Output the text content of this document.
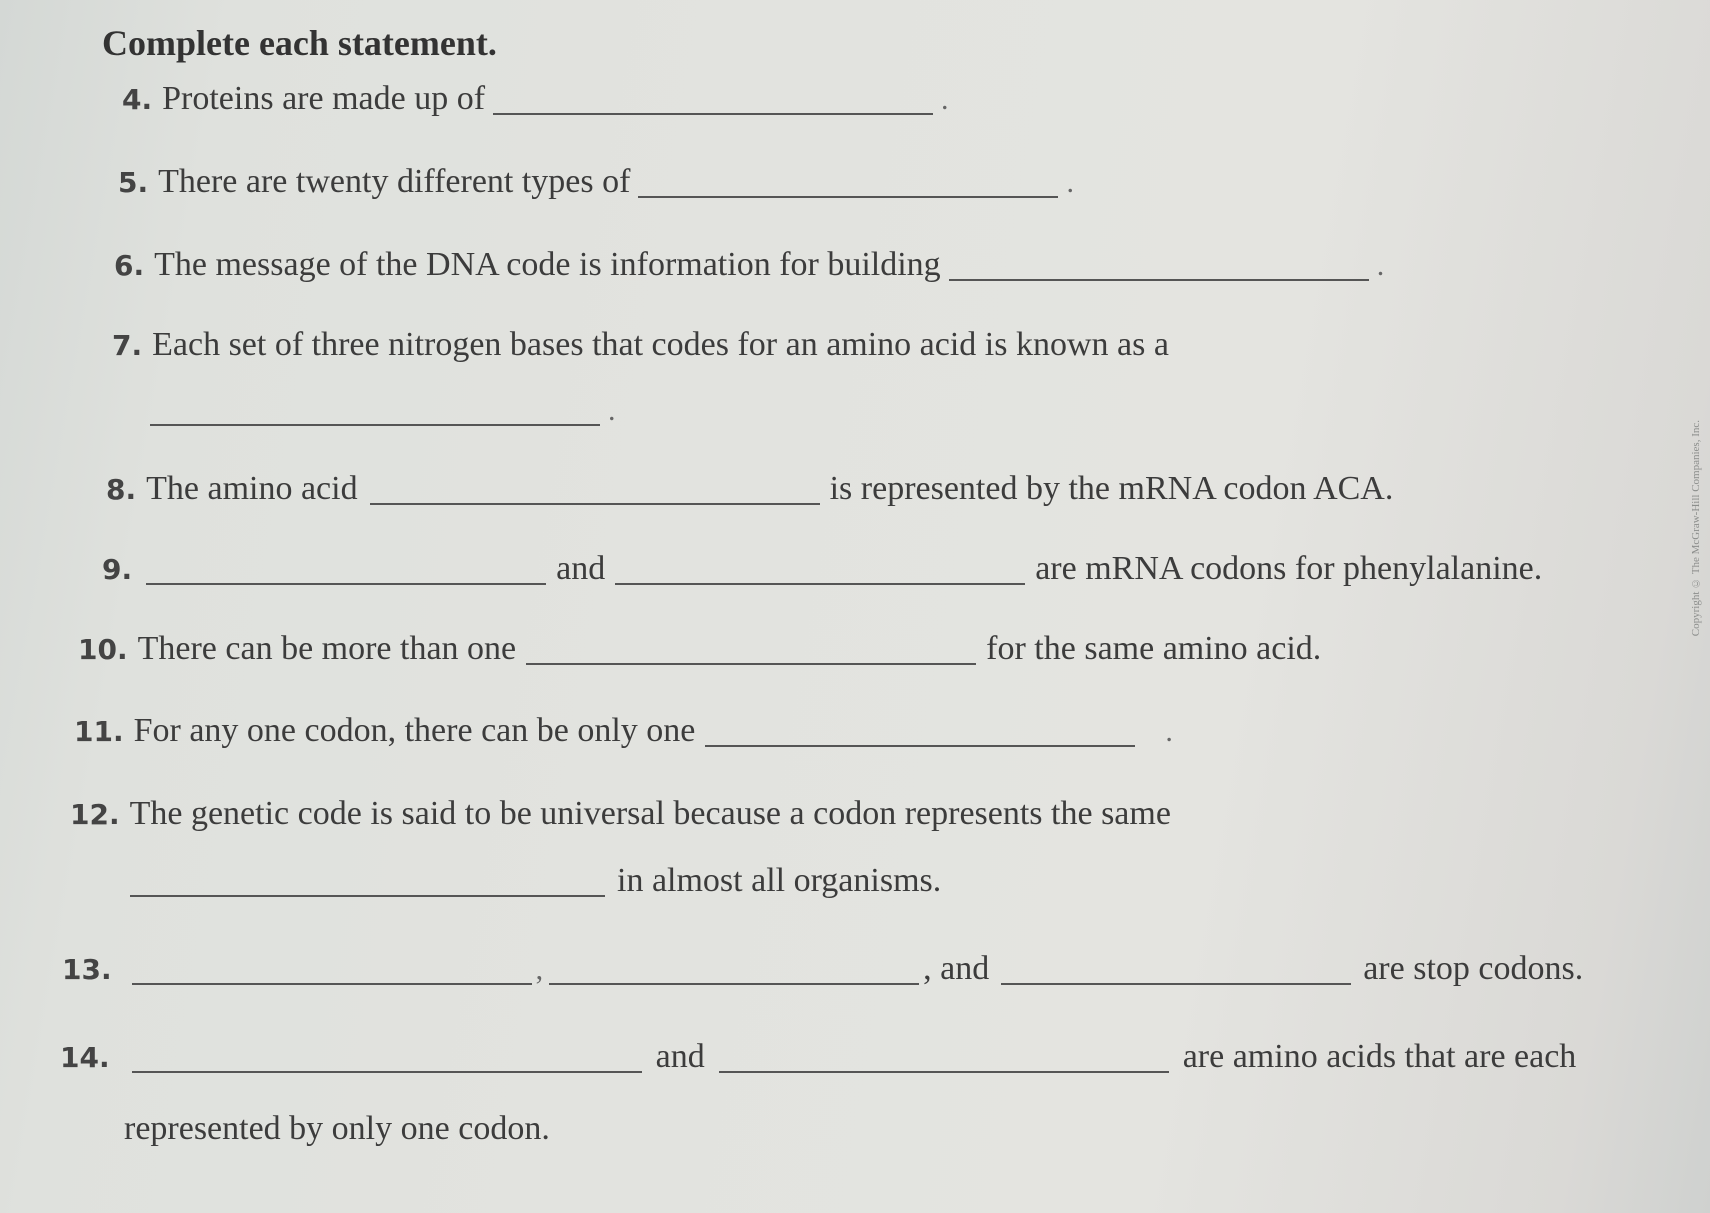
Complete each statement.
4. Proteins are made up of	.
5. There are twenty different types of	.
6. The message of the DNA code is information for building	.
7. Each set of three nitrogen bases that codes for an amino acid is known as a
.
8. The amino acid	is represented by the mRNA codon ACA.
9.	and	are mRNA codons for phenylalanine.
10. There can be more than one	for the same amino acid.
11. For any one codon, there can be only one	.
12. The genetic code is said to be universal because a codon represents the same
in almost all organisms.
13.	,	, and	are stop codons.
14.	and	are amino acids that are each
represented by only one codon.
Copyright © The McGraw-Hill Companies, Inc.
